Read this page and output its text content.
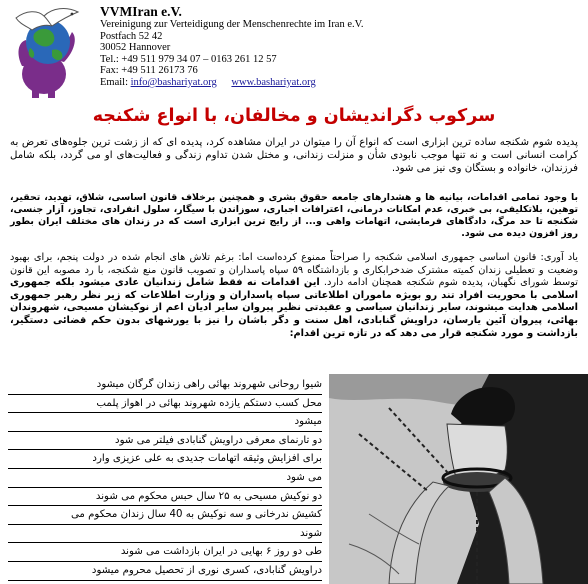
VVMIran e.V.
Vereinigung zur Verteidigung der Menschenrechte im Iran e.V.
Postfach 52 42
30052 Hannover
Tel.: +49 511 979 34 07 – 0163 261 12 57
Fax: +49 511 26173 76
Email: info@bashariyat.org www.bashariyat.org
سرکوب دگراندیشان و مخالفان، با انواع شکنجه
پدیده شوم شکنجه ساده ترین ابزاری است که انواع آن را میتوان در ایران مشاهده کرد، پدیده ای که از زشت ترین جلوه‌های تعرض به کرامت انسانی است و نه تنها موجب نابودی شأن و منزلت زندانی، و مختل شدن تداوم زندگی و فعالیت‌های او می گردد، بلکه شامل فرزندان، خانواده و بستگان وی نیز می شود.
با وجود تمامی اقدامات، بیانیه ها و هشدارهای جامعه حقوق بشری و همچنین برخلاف قانون اساسی، شلاق، تهدید، تحقیر، توهین، بلاتکلیفی، بی خبری، عدم امکانات درمانی، اعترافات اجباری، سوزاندن با سیگار، سلول انفرادی، تجاوز، آزار جنسی، شکنجه تا حد مرگ، دادگاهای فرمایشی، اتهامات واهی و... از رایج ترین ابزاری است که در زندان های مختلف ایران بطور روز افزون دیده می شود.
یاد آوری: قانون اساسی جمهوری اسلامی شکنجه را صراحتاً ممنوع کرده‌است اما: برغم تلاش های انجام شده در دولت پنجم، برای بهبود وضعیت و تعطیلی زندان کمیته مشترک ضدخرابکاری و بازداشتگاه ۵۹ سپاه پاسداران و تصویب قانون منع شکنجه، با رد مصوبه این قانون توسط شورای نگهبان، پدیده شوم شکنجه همچنان ادامه دارد. این اقدامات نه فقط شامل زندانیان عادی میشود بلکه جمهوری اسلامی با محوریت افراد تند رو بویژه ماموران اطلاعاتی سپاه پاسداران و وزارت اطلاعات که زیر نظر رهبر جمهوری اسلامی هدایت میشوند، سایر زندانیان سیاسی و عقیدتی نظیر پیروان سایر ادیان اعم از نوکیشان مسیحی، شهروندان بهائی، پیروان آئین یارسان، دراویش گنابادی، اهل سنت و دگر باشان را نیز با یورشهای بدون حکم قضائی دستگیر، بازداشت و مورد شکنجه قرار می دهد که در تازه ترین اقدام:
شیوا روحانی شهروند بهائی راهی زندان گرگان میشود
محل کسب دستکم یازده شهروند بهائی در اهواز پلمب
میشود
دو تارنمای معرفی دراویش گنابادی فیلتر می شود
برای افزایش وثیقه اتهامات جدیدی به علی عزیزی وارد
می شود
دو نوکیش مسیحی به ۲۵ سال حبس محکوم می شوند
کشیش ندرخانی و سه نوکیش به 40 سال زندان محکوم می
شوند
طی دو روز ۶ بهایی در ایران بازداشت می شوند
دراویش گنابادی، کسری نوری از تحصیل محروم میشود
